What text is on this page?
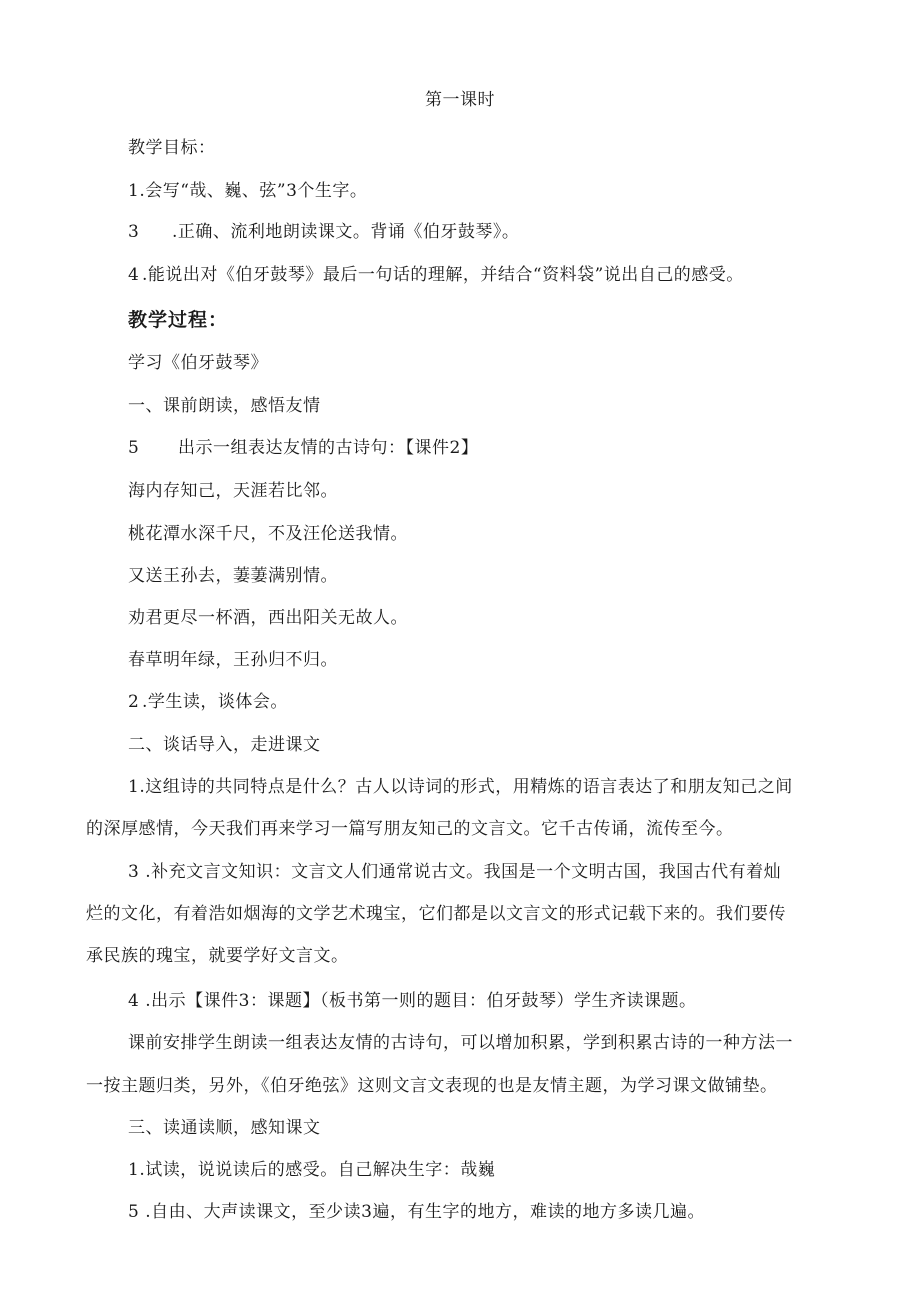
第一课时
教学目标：
1.会写“哉、巍、弦”3个生字。
3 .正确、流利地朗读课文。背诵《伯牙鼓琴》。
4 .能说出对《伯牙鼓琴》最后一句话的理解，并结合“资料袋”说出自己的感受。
教学过程：
学习《伯牙鼓琴》
一、课前朗读，感悟友情
5 出示一组表达友情的古诗句：【课件2】
海内存知己，天涯若比邻。
桃花潭水深千尺，不及汪伦送我情。
又送王孙去，萋萋满别情。
劝君更尽一杯酒，西出阳关无故人。
春草明年绿，王孙归不归。
2 .学生读，谈体会。
二、谈话导入，走进课文
1.这组诗的共同特点是什么？古人以诗词的形式，用精炼的语言表达了和朋友知己之间
的深厚感情，今天我们再来学习一篇写朋友知己的文言文。它千古传诵，流传至今。
3 .补充文言文知识：文言文人们通常说古文。我国是一个文明古国，我国古代有着灿
烂的文化，有着浩如烟海的文学艺术瑰宝，它们都是以文言文的形式记载下来的。我们要传
承民族的瑰宝，就要学好文言文。
4 .出示【课件3：课题】（板书第一则的题目：伯牙鼓琴）学生齐读课题。
课前安排学生朗读一组表达友情的古诗句，可以增加积累，学到积累古诗的一种方法一
一按主题归类，另外，《伯牙绝弦》这则文言文表现的也是友情主题，为学习课文做铺垫。
三、读通读顺，感知课文
1.试读，说说读后的感受。自己解决生字：哉巍
5 .自由、大声读课文，至少读3遍，有生字的地方，难读的地方多读几遍。
